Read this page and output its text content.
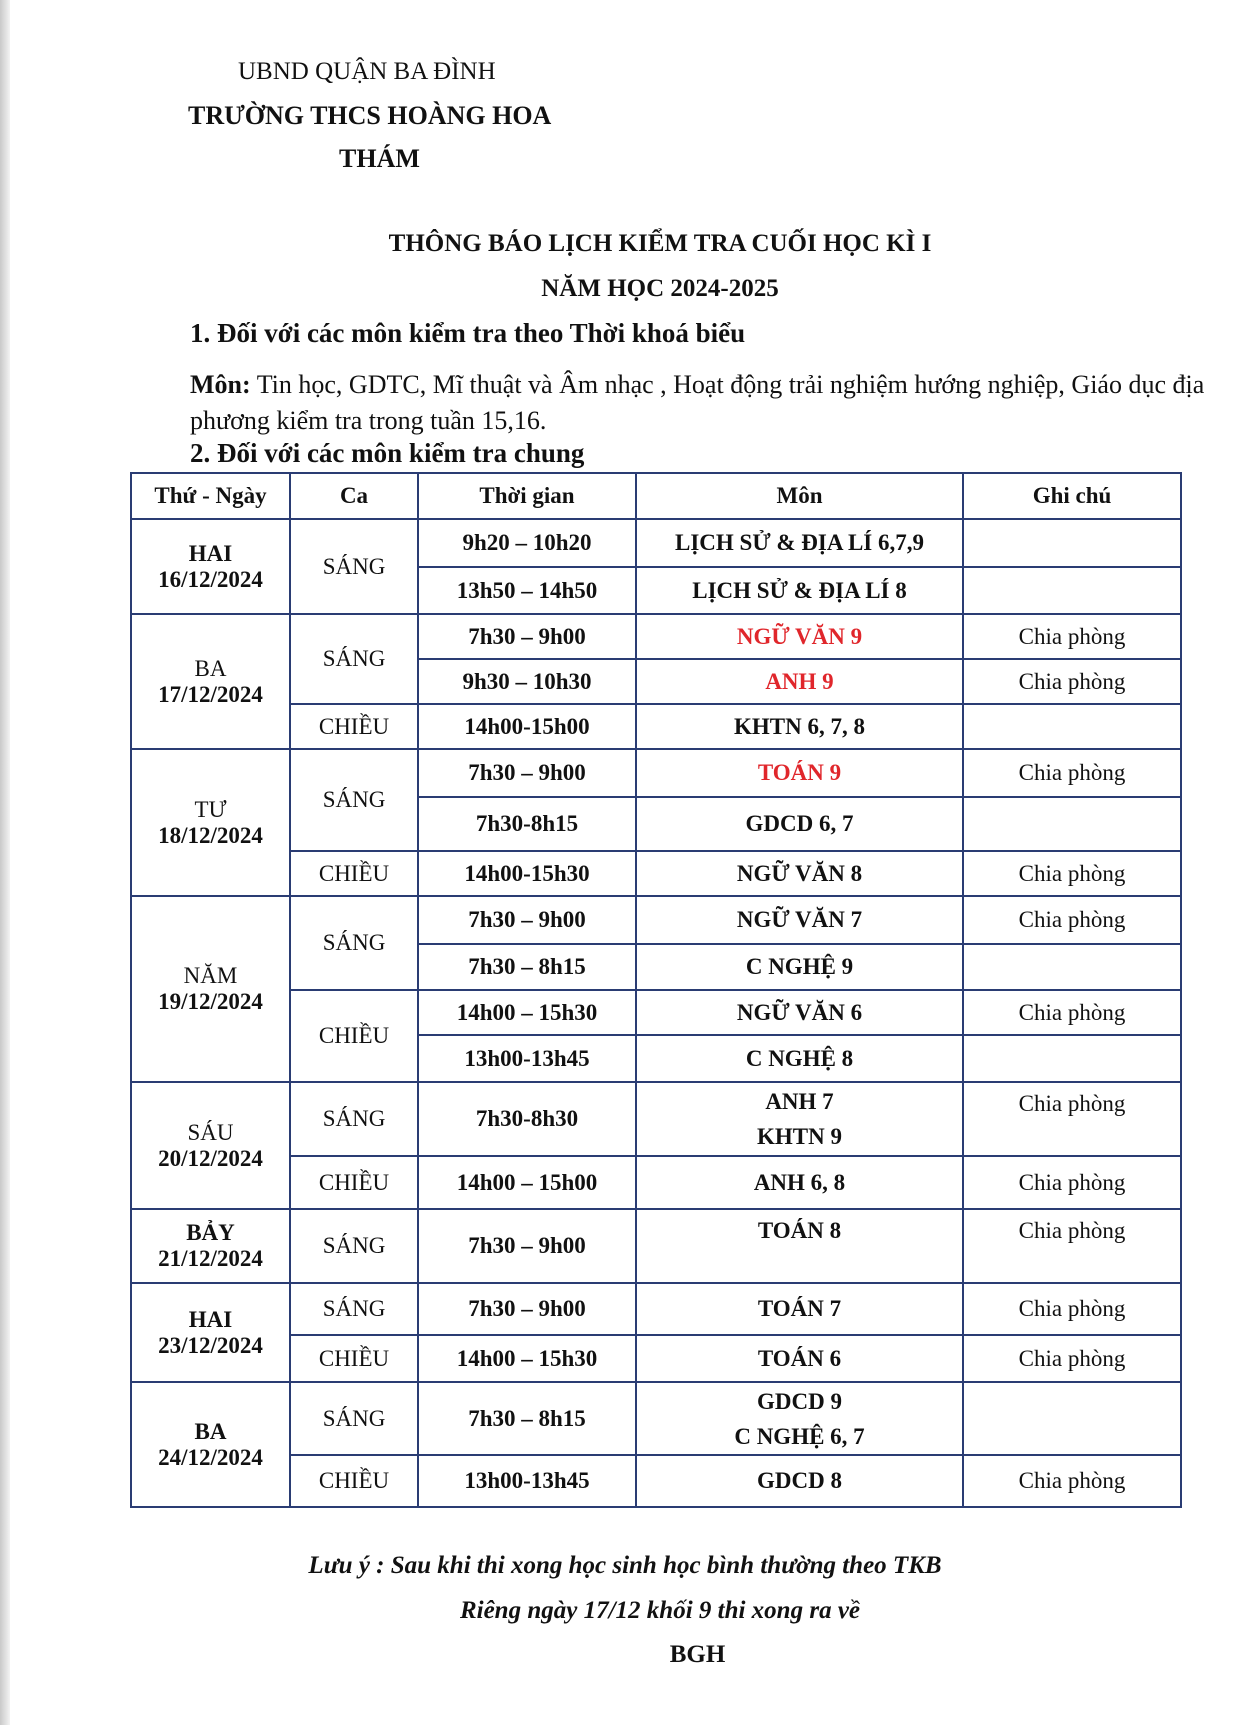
UBND QUẬN BA ĐÌNH
TRƯỜNG THCS HOÀNG HOA
THÁM
THÔNG BÁO LỊCH KIỂM TRA CUỐI HỌC KÌ I
NĂM HỌC 2024-2025
1. Đối với các môn kiểm tra theo Thời khoá biểu
Môn: Tin học, GDTC, Mĩ thuật và Âm nhạc , Hoạt động trải nghiệm hướng nghiệp, Giáo dục địa phương kiểm tra trong tuần 15,16.
2. Đối với các môn kiểm tra chung
Thứ - Ngày	Ca	Thời gian	Môn	Ghi chú
HAI
16/12/2024	SÁNG	9h20 – 10h20	LỊCH SỬ & ĐỊA LÍ 6,7,9	
		13h50 – 14h50	LỊCH SỬ & ĐỊA LÍ 8	
BA
17/12/2024	SÁNG	7h30 – 9h00	NGỮ VĂN 9	Chia phòng
		9h30 – 10h30	ANH 9	Chia phòng
	CHIỀU	14h00-15h00	KHTN 6, 7, 8	
TƯ
18/12/2024	SÁNG	7h30 – 9h00	TOÁN 9	Chia phòng
		7h30-8h15	GDCD 6, 7	
	CHIỀU	14h00-15h30	NGỮ VĂN 8	Chia phòng
NĂM
19/12/2024	SÁNG	7h30 – 9h00	NGỮ VĂN 7	Chia phòng
		7h30 – 8h15	C NGHỆ 9	
	CHIỀU	14h00 – 15h30	NGỮ VĂN 6	Chia phòng
		13h00-13h45	C NGHỆ 8	
SÁU
20/12/2024	SÁNG	7h30-8h30	ANH 7
KHTN 9	Chia phòng
	CHIỀU	14h00 – 15h00	ANH 6, 8	Chia phòng
BẢY
21/12/2024	SÁNG	7h30 – 9h00	TOÁN 8	Chia phòng
HAI
23/12/2024	SÁNG	7h30 – 9h00	TOÁN 7	Chia phòng
	CHIỀU	14h00 – 15h30	TOÁN 6	Chia phòng
BA
24/12/2024	SÁNG	7h30 – 8h15	GDCD 9
C NGHỆ 6, 7	

	CHIỀU	13h00-13h45	GDCD 8	Chia phòng
Lưu ý : Sau khi thi xong học sinh học bình thường theo TKB
Riêng ngày 17/12 khối 9 thi xong ra về
BGH
